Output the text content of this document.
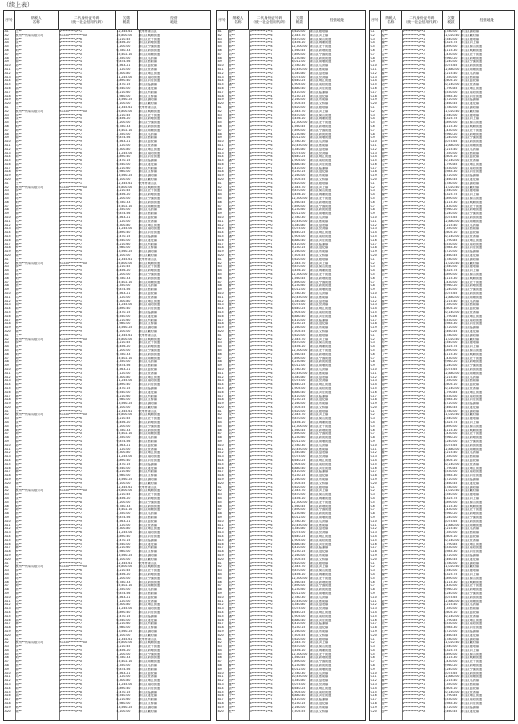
（续上表）
序号
纳税人
名称
二代身份证号码
（统一社会信用代码）
欠缴
税款
经营
地址
A1	王**	4*********0**1	12,345.61	杭州市萧山区
A2	杭州**贸易有限公司	91330*********XX	25,800.00	萧山区城厢街道
A3	李**	3*********2**6	3,210.45	萧山区北干街道
A4	张**	4*********1**5	8,456.20	萧山区新塘街道
A5	陈**	3*********0**8	1,200.00	萧山区宁围街道
A6	刘**	5*********3**2	6,780.33	萧山区新街街道
A7	周**	3*********1**X	15,402.10	萧山区闻堰街道
A8	吴**	4*********2**7	2,350.00	萧山区瓜沥镇
A9	徐**	3*********0**4	9,874.56	萧山区衙前镇
A10	孙**	3*********1**9	4,563.21	萧山区益农镇
A11	马**	4*********2**3	7,120.00	萧山区党湾镇
A12	朱**	3*********0**1	5,300.80	萧山区靖江街道
A13	胡**	3*********3**6	11,245.00	萧山区南阳街道
A14	郭**	4*********1**2	3,890.40	萧山区河庄街道
A15	何**	3*********2**8	2,470.15	萧山区临浦镇
A16	高**	5*********0**5	6,540.00	萧山区进化镇
A17	林**	3*********1**7	8,210.60	萧山区所前镇
A18	罗**	4*********3**0	1,980.00	萧山区义桥镇
A19	郑**	3*********2**4	13,560.25	萧山区浦阳镇
A20	梁**	3*********0**9	4,100.00	萧山区戴村镇
A1	王**	4*********0**1	12,345.61	杭州市萧山区
A2	杭州**贸易有限公司	91330*********XX	25,800.00	萧山区城厢街道
A3	李**	3*********2**6	3,210.45	萧山区北干街道
A4	张**	4*********1**5	8,456.20	萧山区新塘街道
A5	陈**	3*********0**8	1,200.00	萧山区宁围街道
A6	刘**	5*********3**2	6,780.33	萧山区新街街道
A7	周**	3*********1**X	15,402.10	萧山区闻堰街道
A8	吴**	4*********2**7	2,350.00	萧山区瓜沥镇
A9	徐**	3*********0**4	9,874.56	萧山区衙前镇
A10	孙**	3*********1**9	4,563.21	萧山区益农镇
A11	马**	4*********2**3	7,120.00	萧山区党湾镇
A12	朱**	3*********0**1	5,300.80	萧山区靖江街道
A13	胡**	3*********3**6	11,245.00	萧山区南阳街道
A14	郭**	4*********1**2	3,890.40	萧山区河庄街道
A15	何**	3*********2**8	2,470.15	萧山区临浦镇
A16	高**	5*********0**5	6,540.00	萧山区进化镇
A17	林**	3*********1**7	8,210.60	萧山区所前镇
A18	罗**	4*********3**0	1,980.00	萧山区义桥镇
A19	郑**	3*********2**4	13,560.25	萧山区浦阳镇
A20	梁**	3*********0**9	4,100.00	萧山区戴村镇
A1	王**	4*********0**1	12,345.61	杭州市萧山区
A2	杭州**贸易有限公司	91330*********XX	25,800.00	萧山区城厢街道
A3	李**	3*********2**6	3,210.45	萧山区北干街道
A4	张**	4*********1**5	8,456.20	萧山区新塘街道
A5	陈**	3*********0**8	1,200.00	萧山区宁围街道
A6	刘**	5*********3**2	6,780.33	萧山区新街街道
A7	周**	3*********1**X	15,402.10	萧山区闻堰街道
A8	吴**	4*********2**7	2,350.00	萧山区瓜沥镇
A9	徐**	3*********0**4	9,874.56	萧山区衙前镇
A10	孙**	3*********1**9	4,563.21	萧山区益农镇
A11	马**	4*********2**3	7,120.00	萧山区党湾镇
A12	朱**	3*********0**1	5,300.80	萧山区靖江街道
A13	胡**	3*********3**6	11,245.00	萧山区南阳街道
A14	郭**	4*********1**2	3,890.40	萧山区河庄街道
A15	何**	3*********2**8	2,470.15	萧山区临浦镇
A16	高**	5*********0**5	6,540.00	萧山区进化镇
A17	林**	3*********1**7	8,210.60	萧山区所前镇
A18	罗**	4*********3**0	1,980.00	萧山区义桥镇
A19	郑**	3*********2**4	13,560.25	萧山区浦阳镇
A20	梁**	3*********0**9	4,100.00	萧山区戴村镇
A1	王**	4*********0**1	12,345.61	杭州市萧山区
A2	杭州**贸易有限公司	91330*********XX	25,800.00	萧山区城厢街道
A3	李**	3*********2**6	3,210.45	萧山区北干街道
A4	张**	4*********1**5	8,456.20	萧山区新塘街道
A5	陈**	3*********0**8	1,200.00	萧山区宁围街道
A6	刘**	5*********3**2	6,780.33	萧山区新街街道
A7	周**	3*********1**X	15,402.10	萧山区闻堰街道
A8	吴**	4*********2**7	2,350.00	萧山区瓜沥镇
A9	徐**	3*********0**4	9,874.56	萧山区衙前镇
A10	孙**	3*********1**9	4,563.21	萧山区益农镇
A11	马**	4*********2**3	7,120.00	萧山区党湾镇
A12	朱**	3*********0**1	5,300.80	萧山区靖江街道
A13	胡**	3*********3**6	11,245.00	萧山区南阳街道
A14	郭**	4*********1**2	3,890.40	萧山区河庄街道
A15	何**	3*********2**8	2,470.15	萧山区临浦镇
A16	高**	5*********0**5	6,540.00	萧山区进化镇
A17	林**	3*********1**7	8,210.60	萧山区所前镇
A18	罗**	4*********3**0	1,980.00	萧山区义桥镇
A19	郑**	3*********2**4	13,560.25	萧山区浦阳镇
A20	梁**	3*********0**9	4,100.00	萧山区戴村镇
A1	王**	4*********0**1	12,345.61	杭州市萧山区
A2	杭州**贸易有限公司	91330*********XX	25,800.00	萧山区城厢街道
A3	李**	3*********2**6	3,210.45	萧山区北干街道
A4	张**	4*********1**5	8,456.20	萧山区新塘街道
A5	陈**	3*********0**8	1,200.00	萧山区宁围街道
A6	刘**	5*********3**2	6,780.33	萧山区新街街道
A7	周**	3*********1**X	15,402.10	萧山区闻堰街道
A8	吴**	4*********2**7	2,350.00	萧山区瓜沥镇
A9	徐**	3*********0**4	9,874.56	萧山区衙前镇
A10	孙**	3*********1**9	4,563.21	萧山区益农镇
A11	马**	4*********2**3	7,120.00	萧山区党湾镇
A12	朱**	3*********0**1	5,300.80	萧山区靖江街道
A13	胡**	3*********3**6	11,245.00	萧山区南阳街道
A14	郭**	4*********1**2	3,890.40	萧山区河庄街道
A15	何**	3*********2**8	2,470.15	萧山区临浦镇
A16	高**	5*********0**5	6,540.00	萧山区进化镇
A17	林**	3*********1**7	8,210.60	萧山区所前镇
A18	罗**	4*********3**0	1,980.00	萧山区义桥镇
A19	郑**	3*********2**4	13,560.25	萧山区浦阳镇
A20	梁**	3*********0**9	4,100.00	萧山区戴村镇
A1	王**	4*********0**1	12,345.61	杭州市萧山区
A2	杭州**贸易有限公司	91330*********XX	25,800.00	萧山区城厢街道
A3	李**	3*********2**6	3,210.45	萧山区北干街道
A4	张**	4*********1**5	8,456.20	萧山区新塘街道
A5	陈**	3*********0**8	1,200.00	萧山区宁围街道
A6	刘**	5*********3**2	6,780.33	萧山区新街街道
A7	周**	3*********1**X	15,402.10	萧山区闻堰街道
A8	吴**	4*********2**7	2,350.00	萧山区瓜沥镇
A9	徐**	3*********0**4	9,874.56	萧山区衙前镇
A10	孙**	3*********1**9	4,563.21	萧山区益农镇
A11	马**	4*********2**3	7,120.00	萧山区党湾镇
A12	朱**	3*********0**1	5,300.80	萧山区靖江街道
A13	胡**	3*********3**6	11,245.00	萧山区南阳街道
A14	郭**	4*********1**2	3,890.40	萧山区河庄街道
A15	何**	3*********2**8	2,470.15	萧山区临浦镇
A16	高**	5*********0**5	6,540.00	萧山区进化镇
A17	林**	3*********1**7	8,210.60	萧山区所前镇
A18	罗**	4*********3**0	1,980.00	萧山区义桥镇
A19	郑**	3*********2**4	13,560.25	萧山区浦阳镇
A20	梁**	3*********0**9	4,100.00	萧山区戴村镇
A1	王**	4*********0**1	12,345.61	杭州市萧山区
A2	杭州**贸易有限公司	91330*********XX	25,800.00	萧山区城厢街道
A3	李**	3*********2**6	3,210.45	萧山区北干街道
A4	张**	4*********1**5	8,456.20	萧山区新塘街道
A5	陈**	3*********0**8	1,200.00	萧山区宁围街道
A6	刘**	5*********3**2	6,780.33	萧山区新街街道
A7	周**	3*********1**X	15,402.10	萧山区闻堰街道
A8	吴**	4*********2**7	2,350.00	萧山区瓜沥镇
A9	徐**	3*********0**4	9,874.56	萧山区衙前镇
A10	孙**	3*********1**9	4,563.21	萧山区益农镇
A11	马**	4*********2**3	7,120.00	萧山区党湾镇
A12	朱**	3*********0**1	5,300.80	萧山区靖江街道
A13	胡**	3*********3**6	11,245.00	萧山区南阳街道
A14	郭**	4*********1**2	3,890.40	萧山区河庄街道
A15	何**	3*********2**8	2,470.15	萧山区临浦镇
A16	高**	5*********0**5	6,540.00	萧山区进化镇
A17	林**	3*********1**7	8,210.60	萧山区所前镇
A18	罗**	4*********3**0	1,980.00	萧山区义桥镇
A19	郑**	3*********2**4	13,560.25	萧山区浦阳镇
A20	梁**	3*********0**9	4,100.00	萧山区戴村镇
A1	王**	4*********0**1	12,345.61	杭州市萧山区
A2	杭州**贸易有限公司	91330*********XX	25,800.00	萧山区城厢街道
A3	李**	3*********2**6	3,210.45	萧山区北干街道
A4	张**	4*********1**5	8,456.20	萧山区新塘街道
A5	陈**	3*********0**8	1,200.00	萧山区宁围街道
A6	刘**	5*********3**2	6,780.33	萧山区新街街道
A7	周**	3*********1**X	15,402.10	萧山区闻堰街道
A8	吴**	4*********2**7	2,350.00	萧山区瓜沥镇
A9	徐**	3*********0**4	9,874.56	萧山区衙前镇
A10	孙**	3*********1**9	4,563.21	萧山区益农镇
A11	马**	4*********2**3	7,120.00	萧山区党湾镇
A12	朱**	3*********0**1	5,300.80	萧山区靖江街道
A13	胡**	3*********3**6	11,245.00	萧山区南阳街道
A14	郭**	4*********1**2	3,890.40	萧山区河庄街道
A15	何**	3*********2**8	2,470.15	萧山区临浦镇
A16	高**	5*********0**5	6,540.00	萧山区进化镇
A17	林**	3*********1**7	8,210.60	萧山区所前镇
A18	罗**	4*********3**0	1,980.00	萧山区义桥镇
A19	郑**	3*********2**4	13,560.25	萧山区浦阳镇
A20	梁**	3*********0**9	4,100.00	萧山区戴村镇
A1	王**	4*********0**1	12,345.61	杭州市萧山区
A2	杭州**贸易有限公司	91330*********XX	25,800.00	萧山区城厢街道
A3	李**	3*********2**6	3,210.45	萧山区北干街道
A4	张**	4*********1**5	8,456.20	萧山区新塘街道
A5	陈**	3*********0**8	1,200.00	萧山区宁围街道
A6	刘**	5*********3**2	6,780.33	萧山区新街街道
A7	周**	3*********1**X	15,402.10	萧山区闻堰街道
A8	吴**	4*********2**7	2,350.00	萧山区瓜沥镇
A9	徐**	3*********0**4	9,874.56	萧山区衙前镇
A10	孙**	3*********1**9	4,563.21	萧山区益农镇
A11	马**	4*********2**3	7,120.00	萧山区党湾镇
A12	朱**	3*********0**1	5,300.80	萧山区靖江街道
A13	胡**	3*********3**6	11,245.00	萧山区南阳街道
A14	郭**	4*********1**2	3,890.40	萧山区河庄街道
A15	何**	3*********2**8	2,470.15	萧山区临浦镇
A16	高**	5*********0**5	6,540.00	萧山区进化镇
A17	林**	3*********1**7	8,210.60	萧山区所前镇
A18	罗**	4*********3**0	1,980.00	萧山区义桥镇
A19	郑**	3*********2**4	13,560.25	萧山区浦阳镇
A20	梁**	3*********0**9	4,100.00	萧山区戴村镇
序号
纳税人
名称
二代身份证号码
（统一社会信用代码）
欠缴
税款
经营地址
B1	谢**	3*********1**3	5,620.00	萧山区楼塔镇
B2	宋**	4*********0**6	2,345.70	萧山区河上镇
B3	唐**	3*********2**1	9,870.00	萧山区蜀山街道
B4	许**	3*********3**5	3,456.10	萧山区城厢街道
B5	韩**	4*********1**8	12,300.00 萧山区北干街道
B6	冯**	3*********0**2	1,560.45	萧山区新塘街道
B7	邓**	5*********2**7	7,890.00	萧山区宁围街道
B8	曹**	3*********1**4	4,230.60	萧山区新街街道
B9	彭**	3*********3**9	6,012.00	萧山区闻堰街道
B10	曾**	4*********0**1	2,780.30	萧山区瓜沥镇
B11	肖**	3*********2**6	10,450.00 萧山区衙前镇
B12	田**	3*********1**0	3,340.80	萧山区益农镇
B13	董**	4*********3**3	5,075.00	萧山区党湾镇
B14	袁**	3*********0**8	8,640.25	萧山区靖江街道
B15	潘**	3*********2**5	1,905.00	萧山区南阳街道
B16	于**	5*********1**2	6,880.40	萧山区河庄街道
B17	蒋**	3*********3**7	4,410.00	萧山区临浦镇
B18	蔡**	4*********0**4	9,230.15	萧山区进化镇
B19	余**	3*********2**9	2,160.00	萧山区所前镇
B20	杜**	3*********1**X	7,505.55	萧山区义桥镇
B1	谢**	3*********1**3	5,620.00	萧山区楼塔镇
B2	宋**	4*********0**6	2,345.70	萧山区河上镇
B3	唐**	3*********2**1	9,870.00	萧山区蜀山街道
B4	许**	3*********3**5	3,456.10	萧山区城厢街道
B5	韩**	4*********1**8	12,300.00 萧山区北干街道
B6	冯**	3*********0**2	1,560.45	萧山区新塘街道
B7	邓**	5*********2**7	7,890.00	萧山区宁围街道
B8	曹**	3*********1**4	4,230.60	萧山区新街街道
B9	彭**	3*********3**9	6,012.00	萧山区闻堰街道
B10	曾**	4*********0**1	2,780.30	萧山区瓜沥镇
B11	肖**	3*********2**6	10,450.00 萧山区衙前镇
B12	田**	3*********1**0	3,340.80	萧山区益农镇
B13	董**	4*********3**3	5,075.00	萧山区党湾镇
B14	袁**	3*********0**8	8,640.25	萧山区靖江街道
B15	潘**	3*********2**5	1,905.00	萧山区南阳街道
B16	于**	5*********1**2	6,880.40	萧山区河庄街道
B17	蒋**	3*********3**7	4,410.00	萧山区临浦镇
B18	蔡**	4*********0**4	9,230.15	萧山区进化镇
B19	余**	3*********2**9	2,160.00	萧山区所前镇
B20	杜**	3*********1**X	7,505.55	萧山区义桥镇
B1	谢**	3*********1**3	5,620.00	萧山区楼塔镇
B2	宋**	4*********0**6	2,345.70	萧山区河上镇
B3	唐**	3*********2**1	9,870.00	萧山区蜀山街道
B4	许**	3*********3**5	3,456.10	萧山区城厢街道
B5	韩**	4*********1**8	12,300.00 萧山区北干街道
B6	冯**	3*********0**2	1,560.45	萧山区新塘街道
B7	邓**	5*********2**7	7,890.00	萧山区宁围街道
B8	曹**	3*********1**4	4,230.60	萧山区新街街道
B9	彭**	3*********3**9	6,012.00	萧山区闻堰街道
B10	曾**	4*********0**1	2,780.30	萧山区瓜沥镇
B11	肖**	3*********2**6	10,450.00 萧山区衙前镇
B12	田**	3*********1**0	3,340.80	萧山区益农镇
B13	董**	4*********3**3	5,075.00	萧山区党湾镇
B14	袁**	3*********0**8	8,640.25	萧山区靖江街道
B15	潘**	3*********2**5	1,905.00	萧山区南阳街道
B16	于**	5*********1**2	6,880.40	萧山区河庄街道
B17	蒋**	3*********3**7	4,410.00	萧山区临浦镇
B18	蔡**	4*********0**4	9,230.15	萧山区进化镇
B19	余**	3*********2**9	2,160.00	萧山区所前镇
B20	杜**	3*********1**X	7,505.55	萧山区义桥镇
B1	谢**	3*********1**3	5,620.00	萧山区楼塔镇
B2	宋**	4*********0**6	2,345.70	萧山区河上镇
B3	唐**	3*********2**1	9,870.00	萧山区蜀山街道
B4	许**	3*********3**5	3,456.10	萧山区城厢街道
B5	韩**	4*********1**8	12,300.00 萧山区北干街道
B6	冯**	3*********0**2	1,560.45	萧山区新塘街道
B7	邓**	5*********2**7	7,890.00	萧山区宁围街道
B8	曹**	3*********1**4	4,230.60	萧山区新街街道
B9	彭**	3*********3**9	6,012.00	萧山区闻堰街道
B10	曾**	4*********0**1	2,780.30	萧山区瓜沥镇
B11	肖**	3*********2**6	10,450.00 萧山区衙前镇
B12	田**	3*********1**0	3,340.80	萧山区益农镇
B13	董**	4*********3**3	5,075.00	萧山区党湾镇
B14	袁**	3*********0**8	8,640.25	萧山区靖江街道
B15	潘**	3*********2**5	1,905.00	萧山区南阳街道
B16	于**	5*********1**2	6,880.40	萧山区河庄街道
B17	蒋**	3*********3**7	4,410.00	萧山区临浦镇
B18	蔡**	4*********0**4	9,230.15	萧山区进化镇
B19	余**	3*********2**9	2,160.00	萧山区所前镇
B20	杜**	3*********1**X	7,505.55	萧山区义桥镇
B1	谢**	3*********1**3	5,620.00	萧山区楼塔镇
B2	宋**	4*********0**6	2,345.70	萧山区河上镇
B3	唐**	3*********2**1	9,870.00	萧山区蜀山街道
B4	许**	3*********3**5	3,456.10	萧山区城厢街道
B5	韩**	4*********1**8	12,300.00 萧山区北干街道
B6	冯**	3*********0**2	1,560.45	萧山区新塘街道
B7	邓**	5*********2**7	7,890.00	萧山区宁围街道
B8	曹**	3*********1**4	4,230.60	萧山区新街街道
B9	彭**	3*********3**9	6,012.00	萧山区闻堰街道
B10	曾**	4*********0**1	2,780.30	萧山区瓜沥镇
B11	肖**	3*********2**6	10,450.00 萧山区衙前镇
B12	田**	3*********1**0	3,340.80	萧山区益农镇
B13	董**	4*********3**3	5,075.00	萧山区党湾镇
B14	袁**	3*********0**8	8,640.25	萧山区靖江街道
B15	潘**	3*********2**5	1,905.00	萧山区南阳街道
B16	于**	5*********1**2	6,880.40	萧山区河庄街道
B17	蒋**	3*********3**7	4,410.00	萧山区临浦镇
B18	蔡**	4*********0**4	9,230.15	萧山区进化镇
B19	余**	3*********2**9	2,160.00	萧山区所前镇
B20	杜**	3*********1**X	7,505.55	萧山区义桥镇
B1	谢**	3*********1**3	5,620.00	萧山区楼塔镇
B2	宋**	4*********0**6	2,345.70	萧山区河上镇
B3	唐**	3*********2**1	9,870.00	萧山区蜀山街道
B4	许**	3*********3**5	3,456.10	萧山区城厢街道
B5	韩**	4*********1**8	12,300.00 萧山区北干街道
B6	冯**	3*********0**2	1,560.45	萧山区新塘街道
B7	邓**	5*********2**7	7,890.00	萧山区宁围街道
B8	曹**	3*********1**4	4,230.60	萧山区新街街道
B9	彭**	3*********3**9	6,012.00	萧山区闻堰街道
B10	曾**	4*********0**1	2,780.30	萧山区瓜沥镇
B11	肖**	3*********2**6	10,450.00 萧山区衙前镇
B12	田**	3*********1**0	3,340.80	萧山区益农镇
B13	董**	4*********3**3	5,075.00	萧山区党湾镇
B14	袁**	3*********0**8	8,640.25	萧山区靖江街道
B15	潘**	3*********2**5	1,905.00	萧山区南阳街道
B16	于**	5*********1**2	6,880.40	萧山区河庄街道
B17	蒋**	3*********3**7	4,410.00	萧山区临浦镇
B18	蔡**	4*********0**4	9,230.15	萧山区进化镇
B19	余**	3*********2**9	2,160.00	萧山区所前镇
B20	杜**	3*********1**X	7,505.55	萧山区义桥镇
B1	谢**	3*********1**3	5,620.00	萧山区楼塔镇
B2	宋**	4*********0**6	2,345.70	萧山区河上镇
B3	唐**	3*********2**1	9,870.00	萧山区蜀山街道
B4	许**	3*********3**5	3,456.10	萧山区城厢街道
B5	韩**	4*********1**8	12,300.00 萧山区北干街道
B6	冯**	3*********0**2	1,560.45	萧山区新塘街道
B7	邓**	5*********2**7	7,890.00	萧山区宁围街道
B8	曹**	3*********1**4	4,230.60	萧山区新街街道
B9	彭**	3*********3**9	6,012.00	萧山区闻堰街道
B10	曾**	4*********0**1	2,780.30	萧山区瓜沥镇
B11	肖**	3*********2**6	10,450.00 萧山区衙前镇
B12	田**	3*********1**0	3,340.80	萧山区益农镇
B13	董**	4*********3**3	5,075.00	萧山区党湾镇
B14	袁**	3*********0**8	8,640.25	萧山区靖江街道
B15	潘**	3*********2**5	1,905.00	萧山区南阳街道
B16	于**	5*********1**2	6,880.40	萧山区河庄街道
B17	蒋**	3*********3**7	4,410.00	萧山区临浦镇
B18	蔡**	4*********0**4	9,230.15	萧山区进化镇
B19	余**	3*********2**9	2,160.00	萧山区所前镇
B20	杜**	3*********1**X	7,505.55	萧山区义桥镇
B1	谢**	3*********1**3	5,620.00	萧山区楼塔镇
B2	宋**	4*********0**6	2,345.70	萧山区河上镇
B3	唐**	3*********2**1	9,870.00	萧山区蜀山街道
B4	许**	3*********3**5	3,456.10	萧山区城厢街道
B5	韩**	4*********1**8	12,300.00 萧山区北干街道
B6	冯**	3*********0**2	1,560.45	萧山区新塘街道
B7	邓**	5*********2**7	7,890.00	萧山区宁围街道
B8	曹**	3*********1**4	4,230.60	萧山区新街街道
B9	彭**	3*********3**9	6,012.00	萧山区闻堰街道
B10	曾**	4*********0**1	2,780.30	萧山区瓜沥镇
B11	肖**	3*********2**6	10,450.00 萧山区衙前镇
B12	田**	3*********1**0	3,340.80	萧山区益农镇
B13	董**	4*********3**3	5,075.00	萧山区党湾镇
B14	袁**	3*********0**8	8,640.25	萧山区靖江街道
B15	潘**	3*********2**5	1,905.00	萧山区南阳街道
B16	于**	5*********1**2	6,880.40	萧山区河庄街道
B17	蒋**	3*********3**7	4,410.00	萧山区临浦镇
B18	蔡**	4*********0**4	9,230.15	萧山区进化镇
B19	余**	3*********2**9	2,160.00	萧山区所前镇
B20	杜**	3*********1**X	7,505.55	萧山区义桥镇
B1	谢**	3*********1**3	5,620.00	萧山区楼塔镇
B2	宋**	4*********0**6	2,345.70	萧山区河上镇
B3	唐**	3*********2**1	9,870.00	萧山区蜀山街道
B4	许**	3*********3**5	3,456.10	萧山区城厢街道
B5	韩**	4*********1**8	12,300.00 萧山区北干街道
B6	冯**	3*********0**2	1,560.45	萧山区新塘街道
B7	邓**	5*********2**7	7,890.00	萧山区宁围街道
B8	曹**	3*********1**4	4,230.60	萧山区新街街道
B9	彭**	3*********3**9	6,012.00	萧山区闻堰街道
B10	曾**	4*********0**1	2,780.30	萧山区瓜沥镇
B11	肖**	3*********2**6	10,450.00 萧山区衙前镇
B12	田**	3*********1**0	3,340.80	萧山区益农镇
B13	董**	4*********3**3	5,075.00	萧山区党湾镇
B14	袁**	3*********0**8	8,640.25	萧山区靖江街道
B15	潘**	3*********2**5	1,905.00	萧山区南阳街道
B16	于**	5*********1**2	6,880.40	萧山区河庄街道
B17	蒋**	3*********3**7	4,410.00	萧山区临浦镇
B18	蔡**	4*********0**4	9,230.15	萧山区进化镇
B19	余**	3*********2**9	2,160.00	萧山区所前镇
B20	杜**	3*********1**X	7,505.55	萧山区义桥镇
序号
纳税人
名称
二代身份证号码
（统一社会信用代码）
欠缴
税款
经营地址
C1	叶**	3*********0**3	3,780.00 萧山区浦阳镇
C2	程**	4*********2**6	11,020.40 萧山区戴村镇
C3	苏**	3*********1**1	2,540.00 萧山区楼塔镇
C4	魏**	3*********3**5	6,325.75 萧山区河上镇
C5	吕**	5*********0**8	4,890.00 萧山区蜀山街道
C6	丁**	3*********2**2	8,115.30 萧山区城厢街道
C7	任**	4*********1**7	1,430.00 萧山区北干街道
C8	沈**	3*********3**4	9,960.20 萧山区新塘街道
C9	姚**	3*********0**9	5,240.00 萧山区宁围街道
C10	卢**	4*********2**0	3,075.65 萧山区新街街道
C11	姜**	3*********1**3	12,880.00 萧山区闻堰街道
C12	崔**	3*********3**6	2,215.40 萧山区瓜沥镇
C13	钟**	5*********0**1	7,350.00 萧山区衙前镇
C14	谭**	3*********2**5	4,605.10 萧山区益农镇
C15	陆**	4*********1**8	10,140.00 萧山区党湾镇
C16	汪**	3*********3**2	1,790.85 萧山区靖江街道
C17	范**	3*********0**7	6,530.00 萧山区南阳街道
C18	金**	4*********2**4	3,985.30 萧山区河庄街道
C19	石**	3*********1**9	8,720.00 萧山区临浦镇
C20	廖**	3*********3**X	2,460.45 萧山区进化镇
C1	叶**	3*********0**3	3,780.00 萧山区浦阳镇
C2	程**	4*********2**6	11,020.40 萧山区戴村镇
C3	苏**	3*********1**1	2,540.00 萧山区楼塔镇
C4	魏**	3*********3**5	6,325.75 萧山区河上镇
C5	吕**	5*********0**8	4,890.00 萧山区蜀山街道
C6	丁**	3*********2**2	8,115.30 萧山区城厢街道
C7	任**	4*********1**7	1,430.00 萧山区北干街道
C8	沈**	3*********3**4	9,960.20 萧山区新塘街道
C9	姚**	3*********0**9	5,240.00 萧山区宁围街道
C10	卢**	4*********2**0	3,075.65 萧山区新街街道
C11	姜**	3*********1**3	12,880.00 萧山区闻堰街道
C12	崔**	3*********3**6	2,215.40 萧山区瓜沥镇
C13	钟**	5*********0**1	7,350.00 萧山区衙前镇
C14	谭**	3*********2**5	4,605.10 萧山区益农镇
C15	陆**	4*********1**8	10,140.00 萧山区党湾镇
C16	汪**	3*********3**2	1,790.85 萧山区靖江街道
C17	范**	3*********0**7	6,530.00 萧山区南阳街道
C18	金**	4*********2**4	3,985.30 萧山区河庄街道
C19	石**	3*********1**9	8,720.00 萧山区临浦镇
C20	廖**	3*********3**X	2,460.45 萧山区进化镇
C1	叶**	3*********0**3	3,780.00 萧山区浦阳镇
C2	程**	4*********2**6	11,020.40 萧山区戴村镇
C3	苏**	3*********1**1	2,540.00 萧山区楼塔镇
C4	魏**	3*********3**5	6,325.75 萧山区河上镇
C5	吕**	5*********0**8	4,890.00 萧山区蜀山街道
C6	丁**	3*********2**2	8,115.30 萧山区城厢街道
C7	任**	4*********1**7	1,430.00 萧山区北干街道
C8	沈**	3*********3**4	9,960.20 萧山区新塘街道
C9	姚**	3*********0**9	5,240.00 萧山区宁围街道
C10	卢**	4*********2**0	3,075.65 萧山区新街街道
C11	姜**	3*********1**3	12,880.00 萧山区闻堰街道
C12	崔**	3*********3**6	2,215.40 萧山区瓜沥镇
C13	钟**	5*********0**1	7,350.00 萧山区衙前镇
C14	谭**	3*********2**5	4,605.10 萧山区益农镇
C15	陆**	4*********1**8	10,140.00 萧山区党湾镇
C16	汪**	3*********3**2	1,790.85 萧山区靖江街道
C17	范**	3*********0**7	6,530.00 萧山区南阳街道
C18	金**	4*********2**4	3,985.30 萧山区河庄街道
C19	石**	3*********1**9	8,720.00 萧山区临浦镇
C20	廖**	3*********3**X	2,460.45 萧山区进化镇
C1	叶**	3*********0**3	3,780.00 萧山区浦阳镇
C2	程**	4*********2**6	11,020.40 萧山区戴村镇
C3	苏**	3*********1**1	2,540.00 萧山区楼塔镇
C4	魏**	3*********3**5	6,325.75 萧山区河上镇
C5	吕**	5*********0**8	4,890.00 萧山区蜀山街道
C6	丁**	3*********2**2	8,115.30 萧山区城厢街道
C7	任**	4*********1**7	1,430.00 萧山区北干街道
C8	沈**	3*********3**4	9,960.20 萧山区新塘街道
C9	姚**	3*********0**9	5,240.00 萧山区宁围街道
C10	卢**	4*********2**0	3,075.65 萧山区新街街道
C11	姜**	3*********1**3	12,880.00 萧山区闻堰街道
C12	崔**	3*********3**6	2,215.40 萧山区瓜沥镇
C13	钟**	5*********0**1	7,350.00 萧山区衙前镇
C14	谭**	3*********2**5	4,605.10 萧山区益农镇
C15	陆**	4*********1**8	10,140.00 萧山区党湾镇
C16	汪**	3*********3**2	1,790.85 萧山区靖江街道
C17	范**	3*********0**7	6,530.00 萧山区南阳街道
C18	金**	4*********2**4	3,985.30 萧山区河庄街道
C19	石**	3*********1**9	8,720.00 萧山区临浦镇
C20	廖**	3*********3**X	2,460.45 萧山区进化镇
C1	叶**	3*********0**3	3,780.00 萧山区浦阳镇
C2	程**	4*********2**6	11,020.40 萧山区戴村镇
C3	苏**	3*********1**1	2,540.00 萧山区楼塔镇
C4	魏**	3*********3**5	6,325.75 萧山区河上镇
C5	吕**	5*********0**8	4,890.00 萧山区蜀山街道
C6	丁**	3*********2**2	8,115.30 萧山区城厢街道
C7	任**	4*********1**7	1,430.00 萧山区北干街道
C8	沈**	3*********3**4	9,960.20 萧山区新塘街道
C9	姚**	3*********0**9	5,240.00 萧山区宁围街道
C10	卢**	4*********2**0	3,075.65 萧山区新街街道
C11	姜**	3*********1**3	12,880.00 萧山区闻堰街道
C12	崔**	3*********3**6	2,215.40 萧山区瓜沥镇
C13	钟**	5*********0**1	7,350.00 萧山区衙前镇
C14	谭**	3*********2**5	4,605.10 萧山区益农镇
C15	陆**	4*********1**8	10,140.00 萧山区党湾镇
C16	汪**	3*********3**2	1,790.85 萧山区靖江街道
C17	范**	3*********0**7	6,530.00 萧山区南阳街道
C18	金**	4*********2**4	3,985.30 萧山区河庄街道
C19	石**	3*********1**9	8,720.00 萧山区临浦镇
C20	廖**	3*********3**X	2,460.45 萧山区进化镇
C1	叶**	3*********0**3	3,780.00 萧山区浦阳镇
C2	程**	4*********2**6	11,020.40 萧山区戴村镇
C3	苏**	3*********1**1	2,540.00 萧山区楼塔镇
C4	魏**	3*********3**5	6,325.75 萧山区河上镇
C5	吕**	5*********0**8	4,890.00 萧山区蜀山街道
C6	丁**	3*********2**2	8,115.30 萧山区城厢街道
C7	任**	4*********1**7	1,430.00 萧山区北干街道
C8	沈**	3*********3**4	9,960.20 萧山区新塘街道
C9	姚**	3*********0**9	5,240.00 萧山区宁围街道
C10	卢**	4*********2**0	3,075.65 萧山区新街街道
C11	姜**	3*********1**3	12,880.00 萧山区闻堰街道
C12	崔**	3*********3**6	2,215.40 萧山区瓜沥镇
C13	钟**	5*********0**1	7,350.00 萧山区衙前镇
C14	谭**	3*********2**5	4,605.10 萧山区益农镇
C15	陆**	4*********1**8	10,140.00 萧山区党湾镇
C16	汪**	3*********3**2	1,790.85 萧山区靖江街道
C17	范**	3*********0**7	6,530.00 萧山区南阳街道
C18	金**	4*********2**4	3,985.30 萧山区河庄街道
C19	石**	3*********1**9	8,720.00 萧山区临浦镇
C20	廖**	3*********3**X	2,460.45 萧山区进化镇
C1	叶**	3*********0**3	3,780.00 萧山区浦阳镇
C2	程**	4*********2**6	11,020.40 萧山区戴村镇
C3	苏**	3*********1**1	2,540.00 萧山区楼塔镇
C4	魏**	3*********3**5	6,325.75 萧山区河上镇
C5	吕**	5*********0**8	4,890.00 萧山区蜀山街道
C6	丁**	3*********2**2	8,115.30 萧山区城厢街道
C7	任**	4*********1**7	1,430.00 萧山区北干街道
C8	沈**	3*********3**4	9,960.20 萧山区新塘街道
C9	姚**	3*********0**9	5,240.00 萧山区宁围街道
C10	卢**	4*********2**0	3,075.65 萧山区新街街道
C11	姜**	3*********1**3	12,880.00 萧山区闻堰街道
C12	崔**	3*********3**6	2,215.40 萧山区瓜沥镇
C13	钟**	5*********0**1	7,350.00 萧山区衙前镇
C14	谭**	3*********2**5	4,605.10 萧山区益农镇
C15	陆**	4*********1**8	10,140.00 萧山区党湾镇
C16	汪**	3*********3**2	1,790.85 萧山区靖江街道
C17	范**	3*********0**7	6,530.00 萧山区南阳街道
C18	金**	4*********2**4	3,985.30 萧山区河庄街道
C19	石**	3*********1**9	8,720.00 萧山区临浦镇
C20	廖**	3*********3**X	2,460.45 萧山区进化镇
C1	叶**	3*********0**3	3,780.00 萧山区浦阳镇
C2	程**	4*********2**6	11,020.40 萧山区戴村镇
C3	苏**	3*********1**1	2,540.00 萧山区楼塔镇
C4	魏**	3*********3**5	6,325.75 萧山区河上镇
C5	吕**	5*********0**8	4,890.00 萧山区蜀山街道
C6	丁**	3*********2**2	8,115.30 萧山区城厢街道
C7	任**	4*********1**7	1,430.00 萧山区北干街道
C8	沈**	3*********3**4	9,960.20 萧山区新塘街道
C9	姚**	3*********0**9	5,240.00 萧山区宁围街道
C10	卢**	4*********2**0	3,075.65 萧山区新街街道
C11	姜**	3*********1**3	12,880.00 萧山区闻堰街道
C12	崔**	3*********3**6	2,215.40 萧山区瓜沥镇
C13	钟**	5*********0**1	7,350.00 萧山区衙前镇
C14	谭**	3*********2**5	4,605.10 萧山区益农镇
C15	陆**	4*********1**8	10,140.00 萧山区党湾镇
C16	汪**	3*********3**2	1,790.85 萧山区靖江街道
C17	范**	3*********0**7	6,530.00 萧山区南阳街道
C18	金**	4*********2**4	3,985.30 萧山区河庄街道
C19	石**	3*********1**9	8,720.00 萧山区临浦镇
C20	廖**	3*********3**X	2,460.45 萧山区进化镇
C1	叶**	3*********0**3	3,780.00 萧山区浦阳镇
C2	程**	4*********2**6	11,020.40 萧山区戴村镇
C3	苏**	3*********1**1	2,540.00 萧山区楼塔镇
C4	魏**	3*********3**5	6,325.75 萧山区河上镇
C5	吕**	5*********0**8	4,890.00 萧山区蜀山街道
C6	丁**	3*********2**2	8,115.30 萧山区城厢街道
C7	任**	4*********1**7	1,430.00 萧山区北干街道
C8	沈**	3*********3**4	9,960.20 萧山区新塘街道
C9	姚**	3*********0**9	5,240.00 萧山区宁围街道
C10	卢**	4*********2**0	3,075.65 萧山区新街街道
C11	姜**	3*********1**3	12,880.00 萧山区闻堰街道
C12	崔**	3*********3**6	2,215.40 萧山区瓜沥镇
C13	钟**	5*********0**1	7,350.00 萧山区衙前镇
C14	谭**	3*********2**5	4,605.10 萧山区益农镇
C15	陆**	4*********1**8	10,140.00 萧山区党湾镇
C16	汪**	3*********3**2	1,790.85 萧山区靖江街道
C17	范**	3*********0**7	6,530.00 萧山区南阳街道
C18	金**	4*********2**4	3,985.30 萧山区河庄街道
C19	石**	3*********1**9	8,720.00 萧山区临浦镇
C20	廖**	3*********3**X	2,460.45 萧山区进化镇
